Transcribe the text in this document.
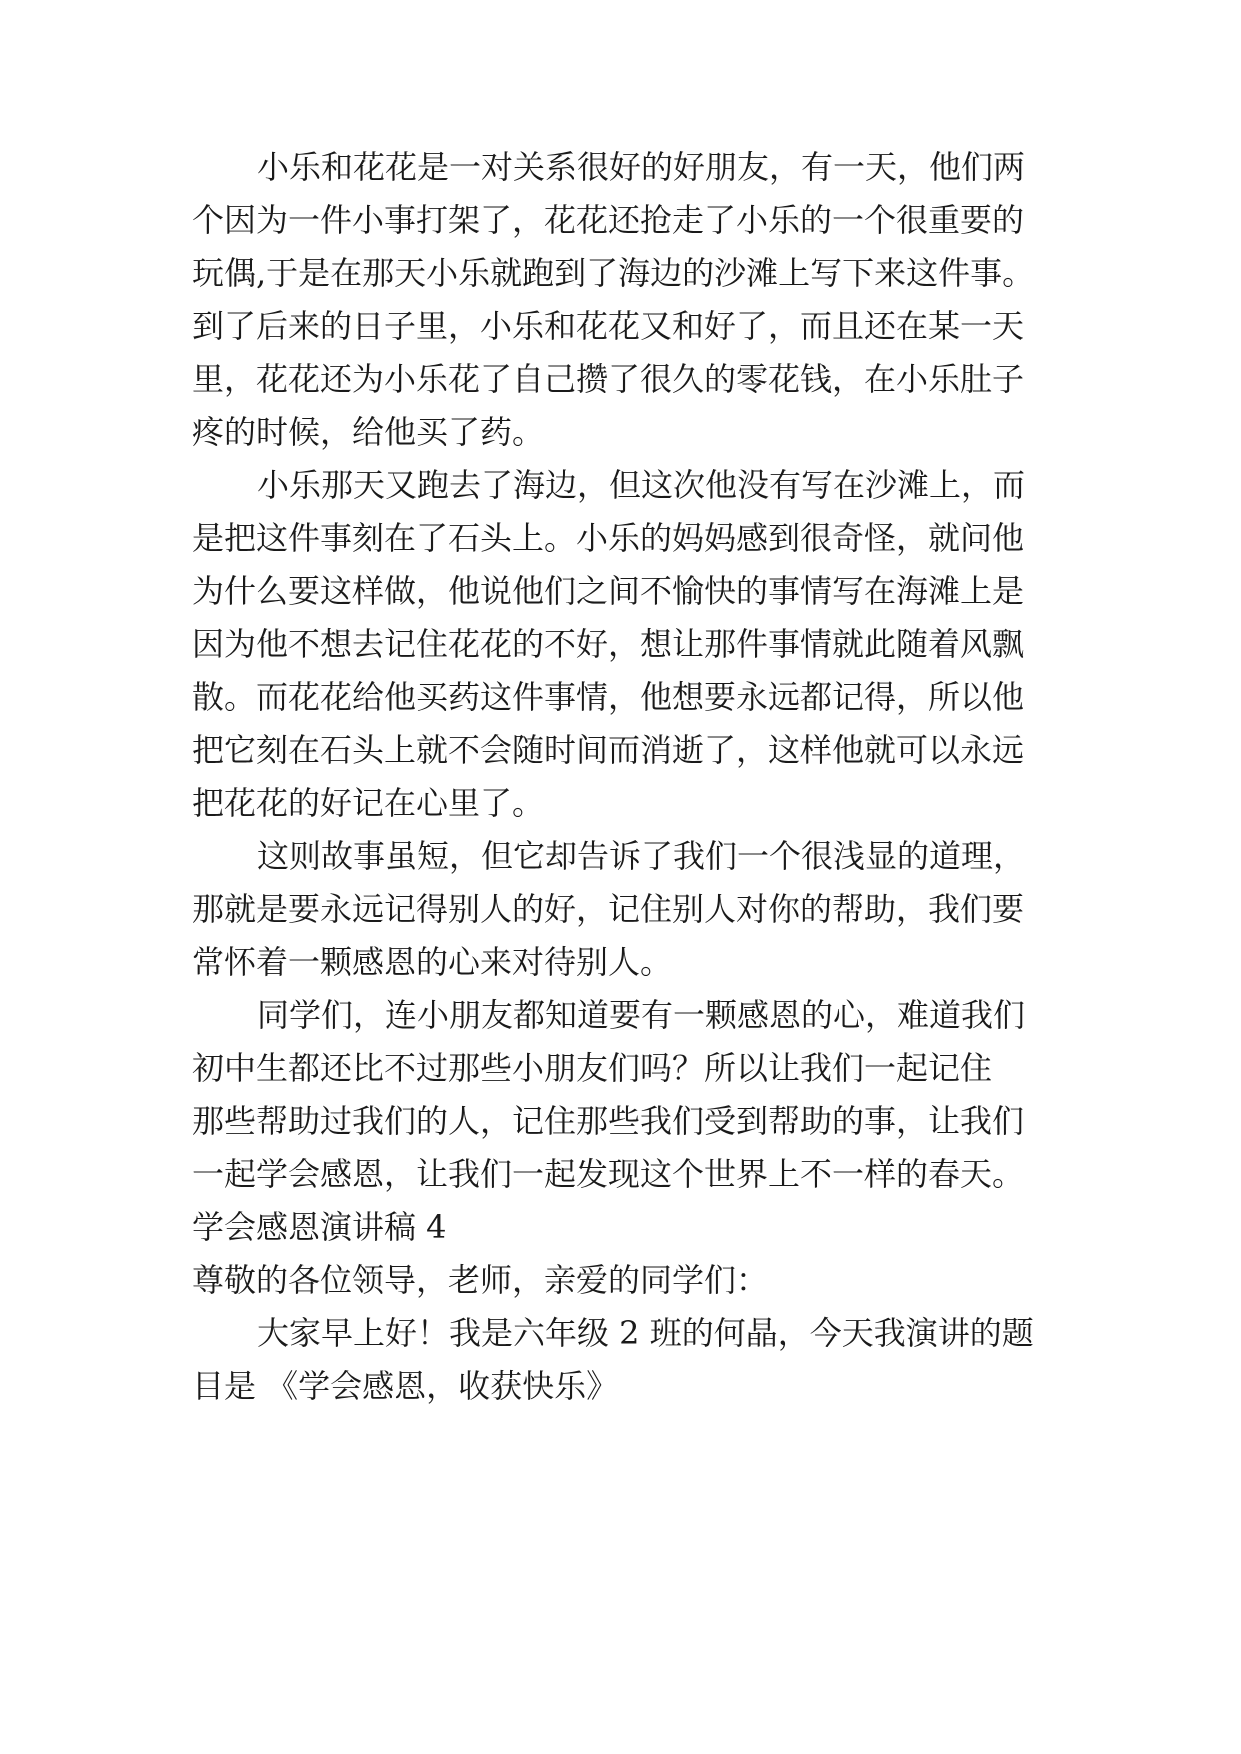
小乐和花花是一对关系很好的好朋友，有一天，他们两
个因为一件小事打架了，花花还抢走了小乐的一个很重要的
玩偶,于是在那天小乐就跑到了海边的沙滩上写下来这件事。
到了后来的日子里，小乐和花花又和好了，而且还在某一天
里，花花还为小乐花了自己攒了很久的零花钱，在小乐肚子
疼的时候，给他买了药。
小乐那天又跑去了海边，但这次他没有写在沙滩上，而
是把这件事刻在了石头上。小乐的妈妈感到很奇怪，就问他
为什么要这样做，他说他们之间不愉快的事情写在海滩上是
因为他不想去记住花花的不好，想让那件事情就此随着风飘
散。而花花给他买药这件事情，他想要永远都记得，所以他
把它刻在石头上就不会随时间而消逝了，这样他就可以永远
把花花的好记在心里了。
这则故事虽短，但它却告诉了我们一个很浅显的道理，
那就是要永远记得别人的好，记住别人对你的帮助，我们要
常怀着一颗感恩的心来对待别人。
同学们，连小朋友都知道要有一颗感恩的心，难道我们
初中生都还比不过那些小朋友们吗？所以让我们一起记住
那些帮助过我们的人，记住那些我们受到帮助的事，让我们
一起学会感恩，让我们一起发现这个世界上不一样的春天。
学会感恩演讲稿 4
尊敬的各位领导，老师，亲爱的同学们：
大家早上好！我是六年级 2 班的何晶，今天我演讲的题
目是 《学会感恩，收获快乐》
